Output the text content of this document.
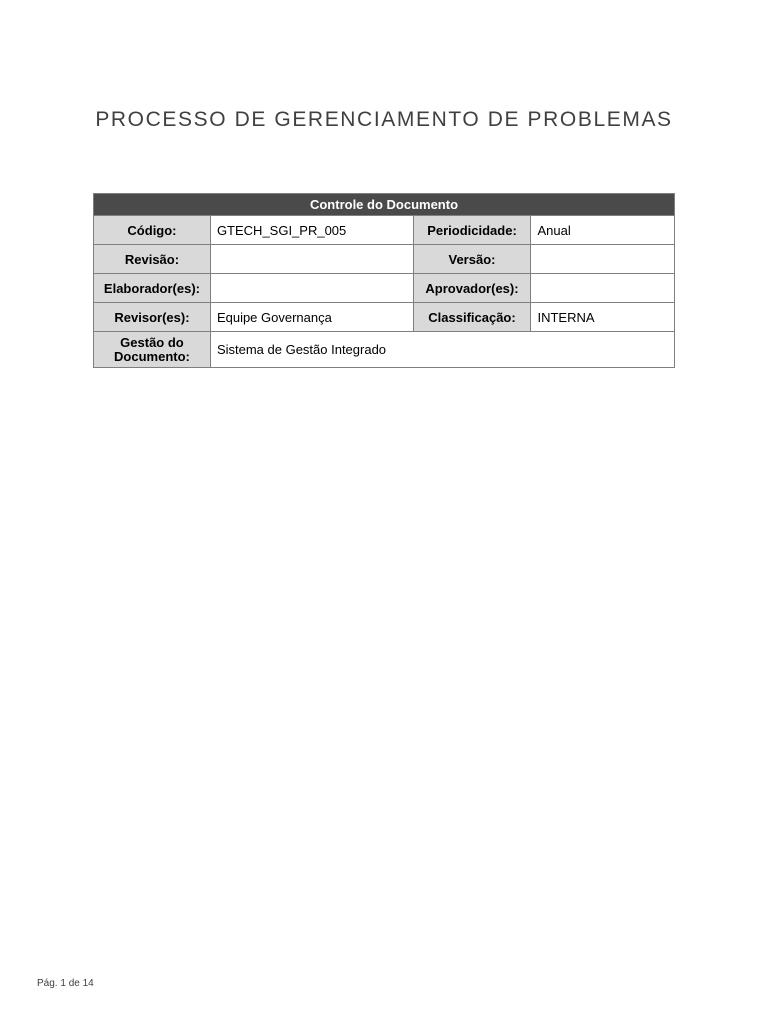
PROCESSO DE GERENCIAMENTO DE PROBLEMAS
Controle do Documento			
Código:	GTECH_SGI_PR_005	Periodicidade:	Anual
Revisão:		Versão:	
Elaborador(es):		Aprovador(es):	
Revisor(es):	Equipe Governança	Classificação:	INTERNA
Gestão do
Documento:	Sistema de Gestão Integrado		
Pág. 1 de 14
